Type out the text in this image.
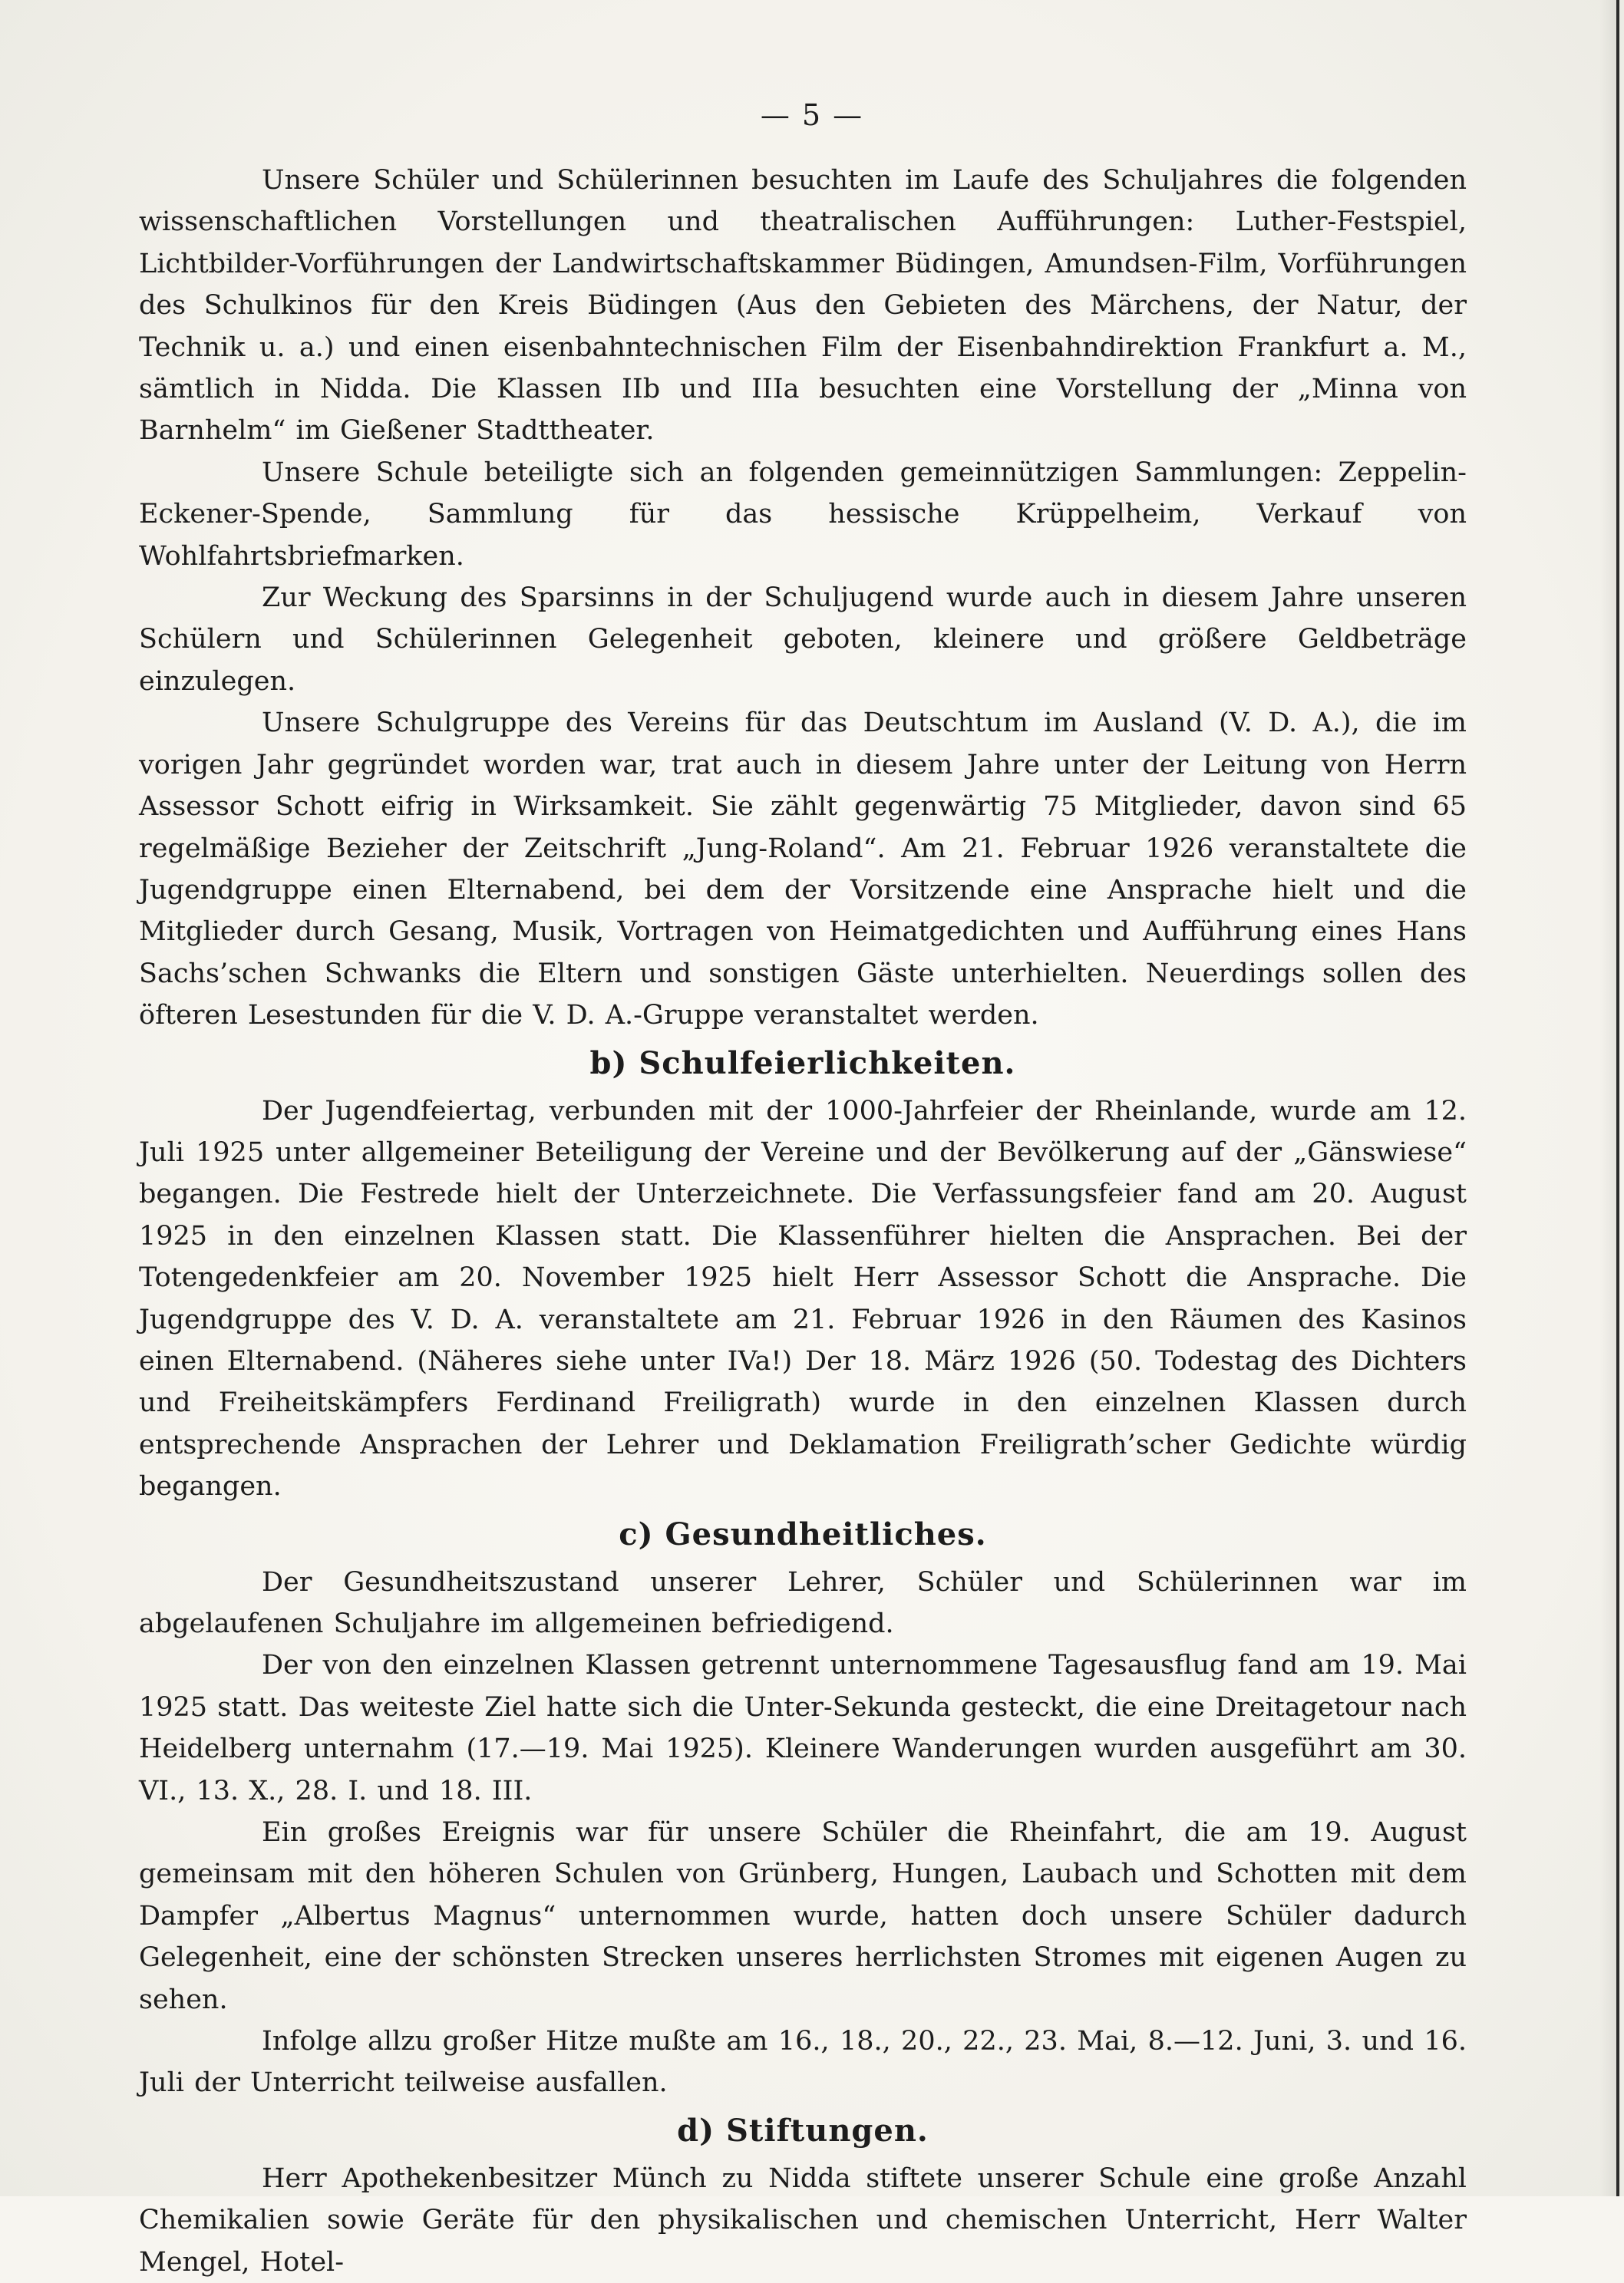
— 5 —

Unsere Schüler und Schülerinnen besuchten im Laufe des Schuljahres die folgenden wissenschaftlichen Vorstellungen und theatralischen Aufführungen: Luther-Festspiel, Lichtbilder-Vorführungen der Landwirtschaftskammer Büdingen, Amundsen-Film, Vorführungen des Schulkinos für den Kreis Büdingen (Aus den Gebieten des Märchens, der Natur, der Technik u. a.) und einen eisenbahntechnischen Film der Eisenbahndirektion Frankfurt a. M., sämtlich in Nidda. Die Klassen IIb und IIIa besuchten eine Vorstellung der „Minna von Barnhelm“ im Gießener Stadttheater.

Unsere Schule beteiligte sich an folgenden gemeinnützigen Sammlungen: Zeppelin-Eckener-Spende, Sammlung für das hessische Krüppelheim, Verkauf von Wohlfahrtsbriefmarken.

Zur Weckung des Sparsinns in der Schuljugend wurde auch in diesem Jahre unseren Schülern und Schülerinnen Gelegenheit geboten, kleinere und größere Geldbeträge einzulegen.

Unsere Schulgruppe des Vereins für das Deutschtum im Ausland (V. D. A.), die im vorigen Jahr gegründet worden war, trat auch in diesem Jahre unter der Leitung von Herrn Assessor Schott eifrig in Wirksamkeit. Sie zählt gegenwärtig 75 Mitglieder, davon sind 65 regelmäßige Bezieher der Zeitschrift „Jung-Roland“. Am 21. Februar 1926 veranstaltete die Jugendgruppe einen Elternabend, bei dem der Vorsitzende eine Ansprache hielt und die Mitglieder durch Gesang, Musik, Vortragen von Heimatgedichten und Aufführung eines Hans Sachs’schen Schwanks die Eltern und sonstigen Gäste unterhielten. Neuerdings sollen des öfteren Lesestunden für die V. D. A.-Gruppe veranstaltet werden.

b) Schulfeierlichkeiten.

Der Jugendfeiertag, verbunden mit der 1000-Jahrfeier der Rheinlande, wurde am 12. Juli 1925 unter allgemeiner Beteiligung der Vereine und der Bevölkerung auf der „Gänswiese“ begangen. Die Festrede hielt der Unterzeichnete. Die Verfassungsfeier fand am 20. August 1925 in den einzelnen Klassen statt. Die Klassenführer hielten die Ansprachen. Bei der Totengedenkfeier am 20. November 1925 hielt Herr Assessor Schott die Ansprache. Die Jugendgruppe des V. D. A. veranstaltete am 21. Februar 1926 in den Räumen des Kasinos einen Elternabend. (Näheres siehe unter IVa!) Der 18. März 1926 (50. Todestag des Dichters und Freiheitskämpfers Ferdinand Freiligrath) wurde in den einzelnen Klassen durch entsprechende Ansprachen der Lehrer und Deklamation Freiligrath’scher Gedichte würdig begangen.

c) Gesundheitliches.

Der Gesundheitszustand unserer Lehrer, Schüler und Schülerinnen war im abgelaufenen Schuljahre im allgemeinen befriedigend.

Der von den einzelnen Klassen getrennt unternommene Tagesausflug fand am 19. Mai 1925 statt. Das weiteste Ziel hatte sich die Unter-Sekunda gesteckt, die eine Dreitagetour nach Heidelberg unternahm (17.—19. Mai 1925). Kleinere Wanderungen wurden ausgeführt am 30. VI., 13. X., 28. I. und 18. III.

Ein großes Ereignis war für unsere Schüler die Rheinfahrt, die am 19. August gemeinsam mit den höheren Schulen von Grünberg, Hungen, Laubach und Schotten mit dem Dampfer „Albertus Magnus“ unternommen wurde, hatten doch unsere Schüler dadurch Gelegenheit, eine der schönsten Strecken unseres herrlichsten Stromes mit eigenen Augen zu sehen.

Infolge allzu großer Hitze mußte am 16., 18., 20., 22., 23. Mai, 8.—12. Juni, 3. und 16. Juli der Unterricht teilweise ausfallen.

d) Stiftungen.

Herr Apothekenbesitzer Münch zu Nidda stiftete unserer Schule eine große Anzahl Chemikalien sowie Geräte für den physikalischen und chemischen Unterricht, Herr Walter Mengel, Hotel-
